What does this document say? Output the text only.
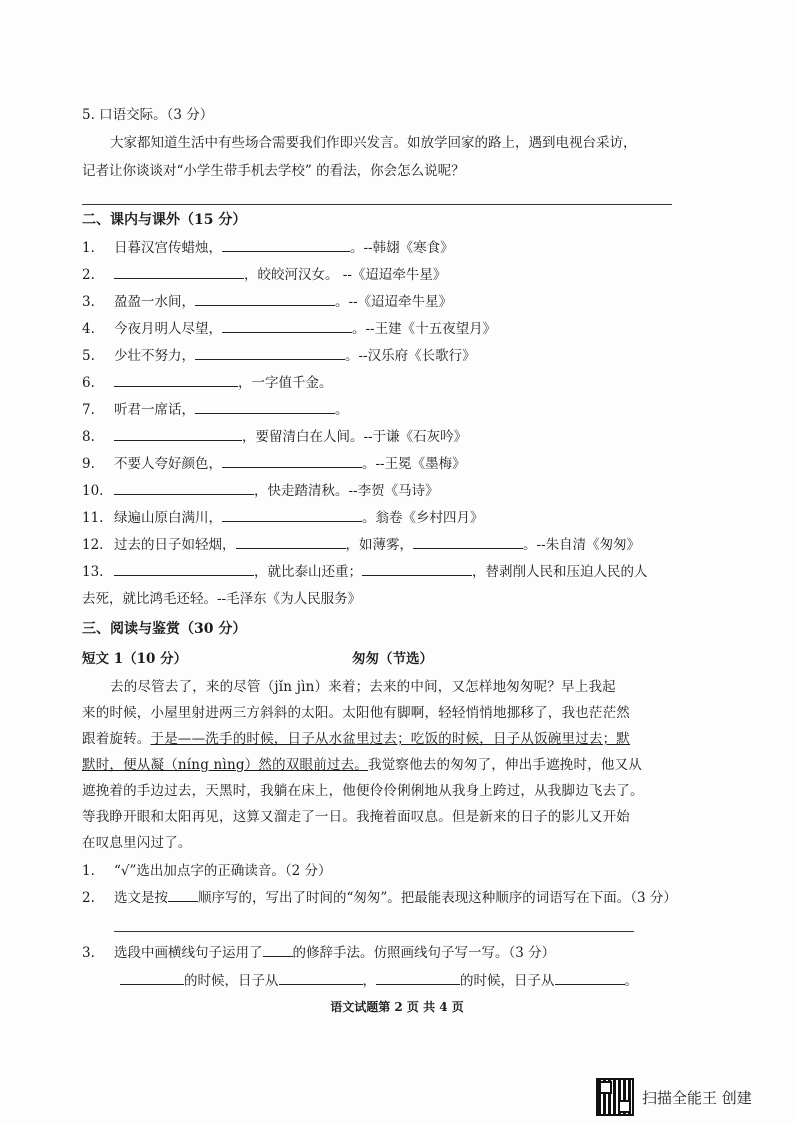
5. 口语交际。（3 分）
大家都知道生活中有些场合需要我们作即兴发言。如放学回家的路上，遇到电视台采访，
记者让你谈谈对“小学生带手机去学校” 的看法，你会怎么说呢？
二、课内与课外（15 分）
1. 日暮汉宫传蜡烛，	。--韩翃《寒食》
2.	，皎皎河汉女。 --《迢迢牵牛星》
3. 盈盈一水间，	。--《迢迢牵牛星》
4. 今夜月明人尽望，	。--王建《十五夜望月》
5. 少壮不努力，	。--汉乐府《长歌行》
6.	，一字值千金。
7. 听君一席话，	。
8.	，要留清白在人间。--于谦《石灰吟》
9. 不要人夸好颜色，	。--王冕《墨梅》
10.	，快走踏清秋。--李贺《马诗》
11. 绿遍山原白满川，	。翁卷《乡村四月》
12. 过去的日子如轻烟，	，如薄雾，	。--朱自清《匆匆》
13.	，就比泰山还重；	，替剥削人民和压迫人民的人
去死，就比鸿毛还轻。--毛泽东《为人民服务》
三、阅读与鉴赏（30 分）
短文 1（10 分）	匆匆（节选）
去的尽管去了，来的尽管（jǐn jìn）来着；去来的中间，又怎样地匆匆呢？早上我起
来的时候，小屋里射进两三方斜斜的太阳。太阳他有脚啊，轻轻悄悄地挪移了，我也茫茫然
跟着旋转。于是——洗手的时候，日子从水盆里过去；吃饭的时候，日子从饭碗里过去；默
默时，便从凝（níng nìng）然的双眼前过去。我觉察他去的匆匆了，伸出手遮挽时，他又从
遮挽着的手边过去，天黑时，我躺在床上，他便伶伶俐俐地从我身上跨过，从我脚边飞去了。
等我睁开眼和太阳再见，这算又溜走了一日。我掩着面叹息。但是新来的日子的影儿又开始
在叹息里闪过了。
1. “√”选出加点字的正确读音。（2 分）
2. 选文是按 顺序写的，写出了时间的“匆匆”。把最能表现这种顺序的词语写在下面。（3 分）
3. 选段中画横线句子运用了 的修辞手法。仿照画线句子写一写。（3 分）
的时候，日子从	，	的时候，日子从	。
语文试题第 2 页 共 4 页
扫描全能王 创建
